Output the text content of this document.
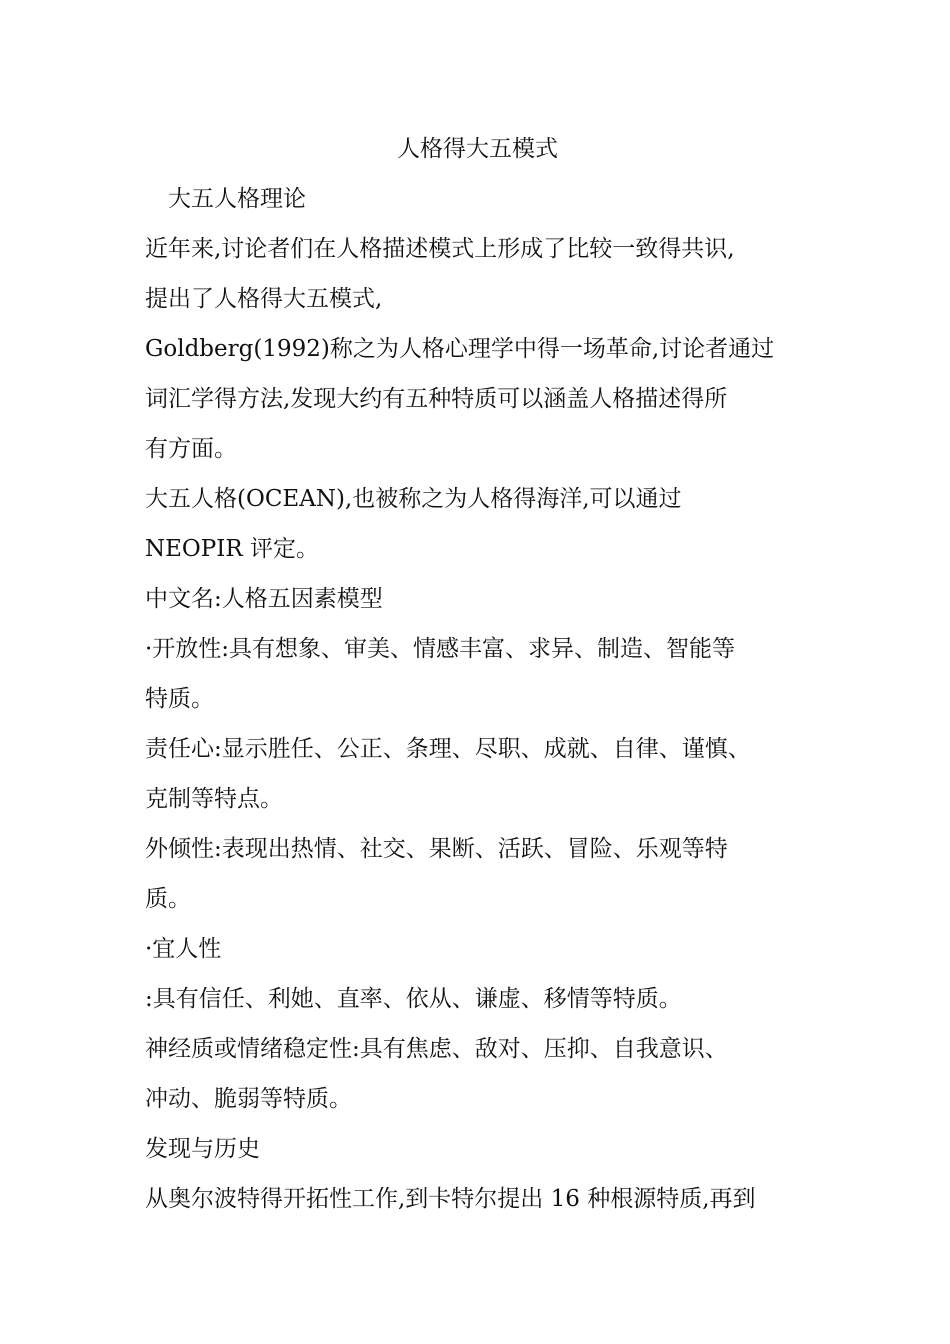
人格得大五模式
大五人格理论
近年来,讨论者们在人格描述模式上形成了比较一致得共识,
提出了人格得大五模式,
Goldberg(1992)称之为人格心理学中得一场革命,讨论者通过
词汇学得方法,发现大约有五种特质可以涵盖人格描述得所
有方面。
大五人格(OCEAN),也被称之为人格得海洋,可以通过
NEOPIR 评定。
中文名:人格五因素模型
·开放性:具有想象、审美、情感丰富、求异、制造、智能等
特质。
责任心:显示胜任、公正、条理、尽职、成就、自律、谨慎、
克制等特点。
外倾性:表现出热情、社交、果断、活跃、冒险、乐观等特
质。
·宜人性
:具有信任、利她、直率、依从、谦虚、移情等特质。
神经质或情绪稳定性:具有焦虑、敌对、压抑、自我意识、
冲动、脆弱等特质。
发现与历史
从奥尔波特得开拓性工作,到卡特尔提出 16 种根源特质,再到
